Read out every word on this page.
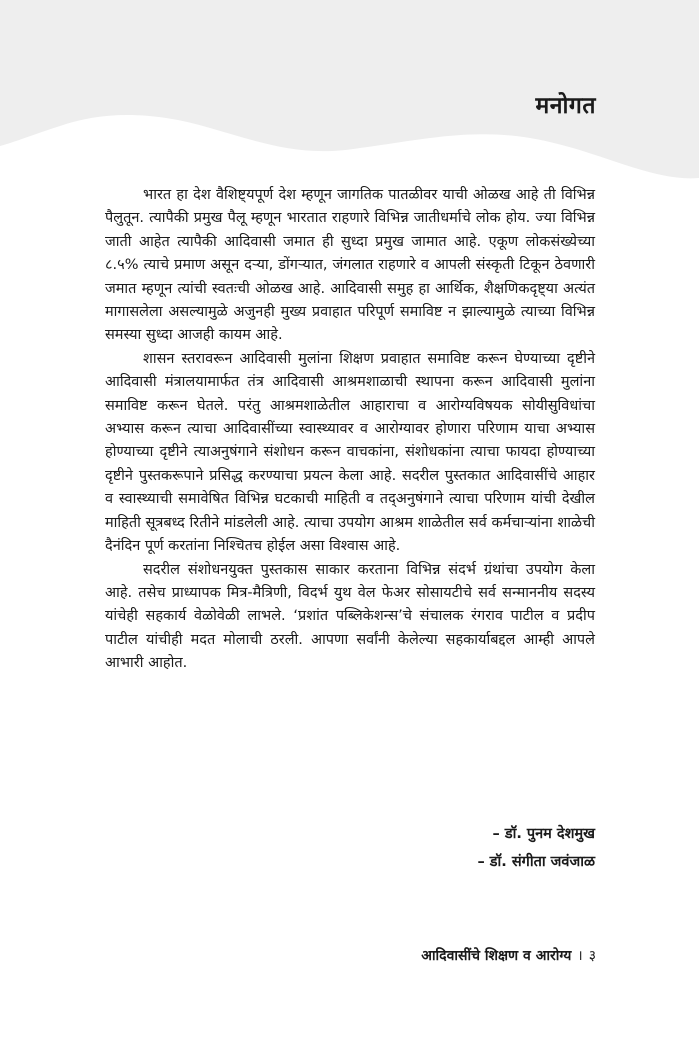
मनोगत

भारत हा देश वैशिष्ट्यपूर्ण देश म्हणून जागतिक पातळीवर याची ओळख आहे ती विभिन्न पैलुतून. त्यापैकी प्रमुख पैलू म्हणून भारतात राहणारे विभिन्न जातीधर्माचे लोक होय. ज्या विभिन्न जाती आहेत त्यापैकी आदिवासी जमात ही सुध्दा प्रमुख जामात आहे. एकूण लोकसंख्येच्या ८.५% त्याचे प्रमाण असून दऱ्या, डोंगऱ्यात, जंगलात राहणारे व आपली संस्कृती टिकून ठेवणारी जमात म्हणून त्यांची स्वतःची ओळख आहे. आदिवासी समुह हा आर्थिक, शैक्षणिकदृष्ट्या अत्यंत मागासलेला असल्यामुळे अजुनही मुख्य प्रवाहात परिपूर्ण समाविष्ट न झाल्यामुळे त्याच्या विभिन्न समस्या सुध्दा आजही कायम आहे.

शासन स्तरावरून आदिवासी मुलांना शिक्षण प्रवाहात समाविष्ट करून घेण्याच्या दृष्टीने आदिवासी मंत्रालयामार्फत तंत्र आदिवासी आश्रमशाळाची स्थापना करून आदिवासी मुलांना समाविष्ट करून घेतले. परंतु आश्रमशाळेतील आहाराचा व आरोग्यविषयक सोयीसुविधांचा अभ्यास करून त्याचा आदिवासींच्या स्वास्थ्यावर व आरोग्यावर होणारा परिणाम याचा अभ्यास होण्याच्या दृष्टीने त्याअनुषंगाने संशोधन करून वाचकांना, संशोधकांना त्याचा फायदा होण्याच्या दृष्टीने पुस्तकरूपाने प्रसिद्ध करण्याचा प्रयत्न केला आहे. सदरील पुस्तकात आदिवासींचे आहार व स्वास्थ्याची समावेषित विभिन्न घटकाची माहिती व तद्अनुषंगाने त्याचा परिणाम यांची देखील माहिती सूत्रबध्द रितीने मांडलेली आहे. त्याचा उपयोग आश्रम शाळेतील सर्व कर्मचाऱ्यांना शाळेची दैनंदिन पूर्ण करतांना निश्चितच होईल असा विश्वास आहे.

सदरील संशोधनयुक्त पुस्तकास साकार करताना विभिन्न संदर्भ ग्रंथांचा उपयोग केला आहे. तसेच प्राध्यापक मित्र-मैत्रिणी, विदर्भ युथ वेल फेअर सोसायटीचे सर्व सन्माननीय सदस्य यांचेही सहकार्य वेळोवेळी लाभले. ‘प्रशांत पब्लिकेशन्स’चे संचालक रंगराव पाटील व प्रदीप पाटील यांचीही मदत मोलाची ठरली. आपणा सर्वांनी केलेल्या सहकार्याबद्दल आम्ही आपले आभारी आहोत.

– डॉ. पुनम देशमुख
– डॉ. संगीता जवंजाळ
आदिवासींचे शिक्षण व आरोग्य । ३
